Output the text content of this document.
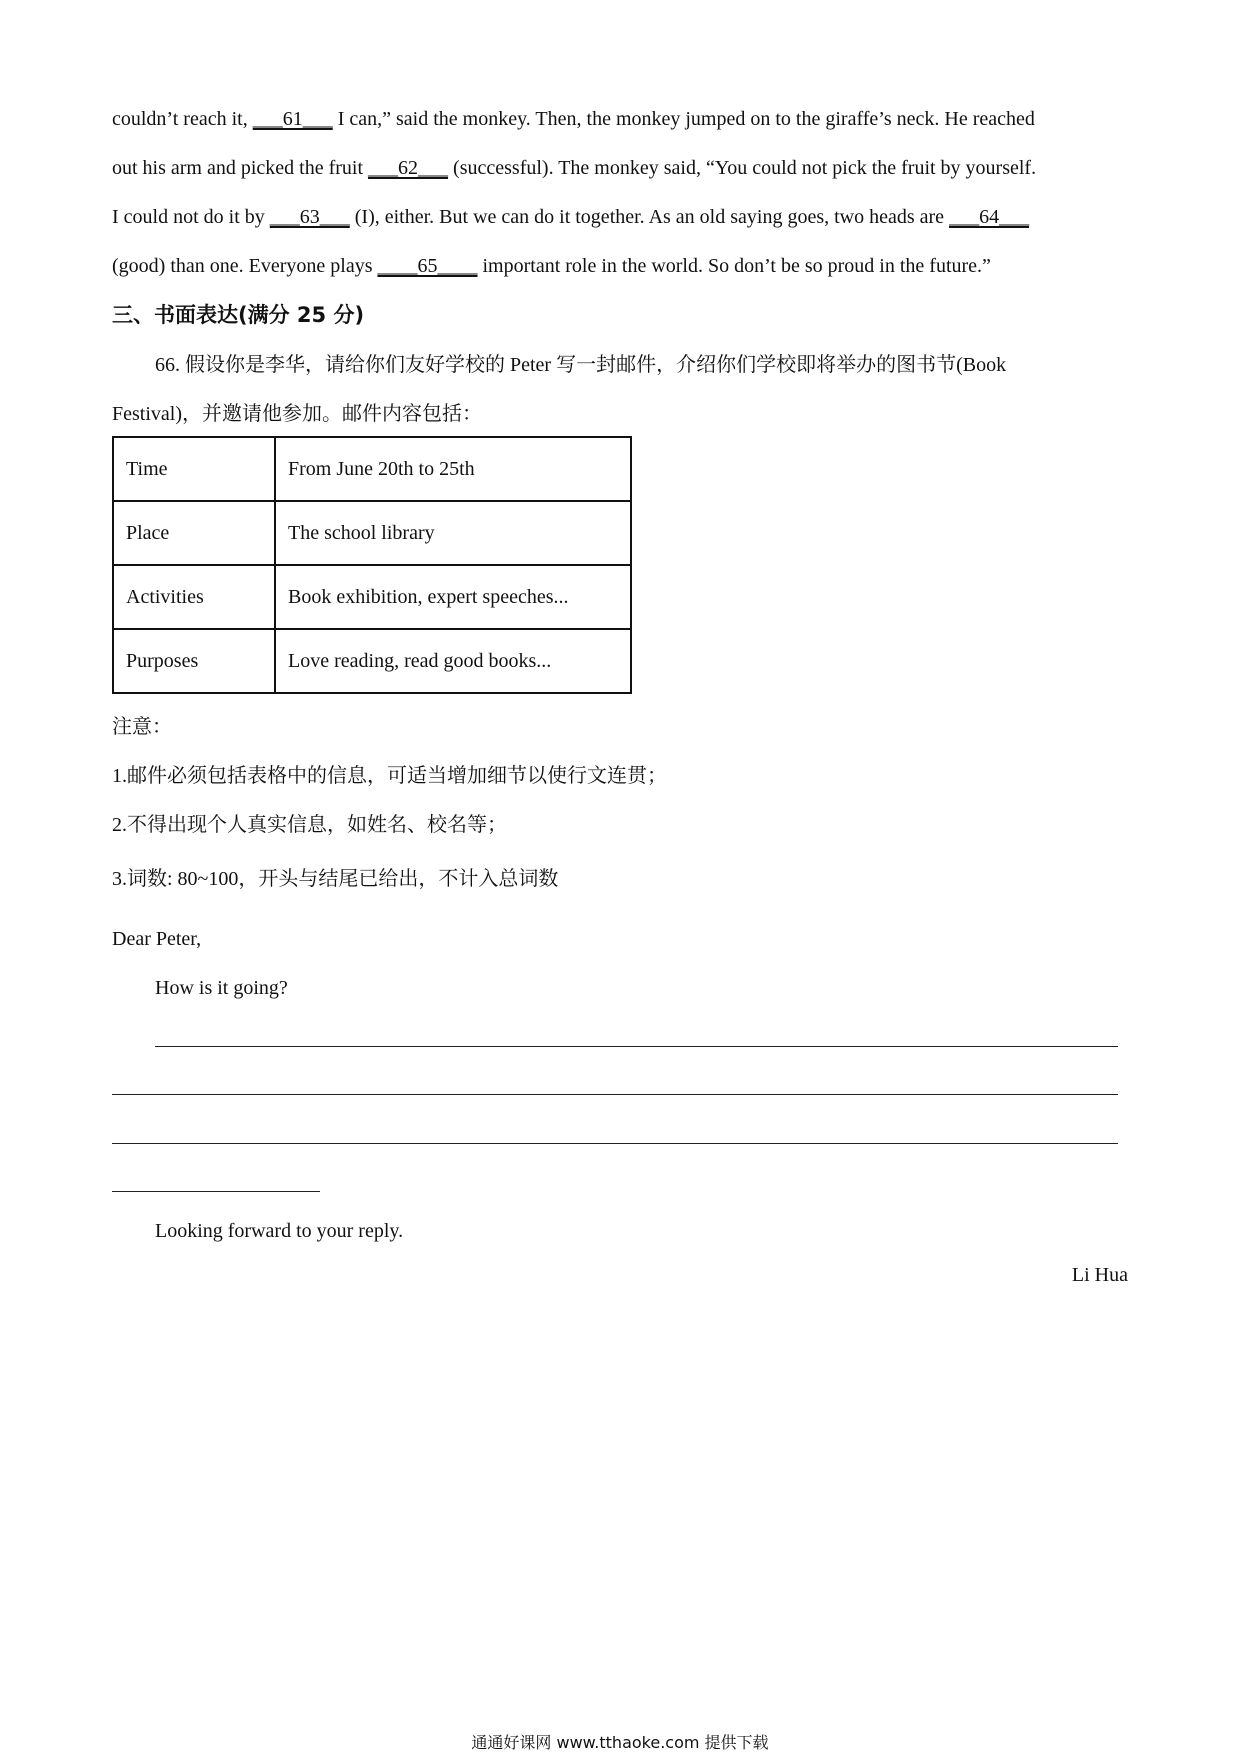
couldn’t reach it, ___61___ I can,” said the monkey. Then, the monkey jumped on to the giraffe’s neck. He reached
out his arm and picked the fruit ___62___ (successful). The monkey said, “You could not pick the fruit by yourself.
I could not do it by ___63___ (I), either. But we can do it together. As an old saying goes, two heads are ___64___
(good) than one. Everyone plays ____65____ important role in the world. So don’t be so proud in the future.”
三、书面表达(满分 25 分)
66. 假设你是李华，请给你们友好学校的 Peter 写一封邮件，介绍你们学校即将举办的图书节(Book
Festival)，并邀请他参加。邮件内容包括：
Time	From June 20th to 25th
Place	The school library
Activities	Book exhibition, expert speeches...
Purposes	Love reading, read good books...
注意：
1.邮件必须包括表格中的信息，可适当增加细节以使行文连贯；
2.不得出现个人真实信息，如姓名、校名等；
3.词数: 80~100，开头与结尾已给出，不计入总词数
Dear Peter,
How is it going?
Looking forward to your reply.
Li Hua
通通好课网 www.tthaoke.com 提供下载
